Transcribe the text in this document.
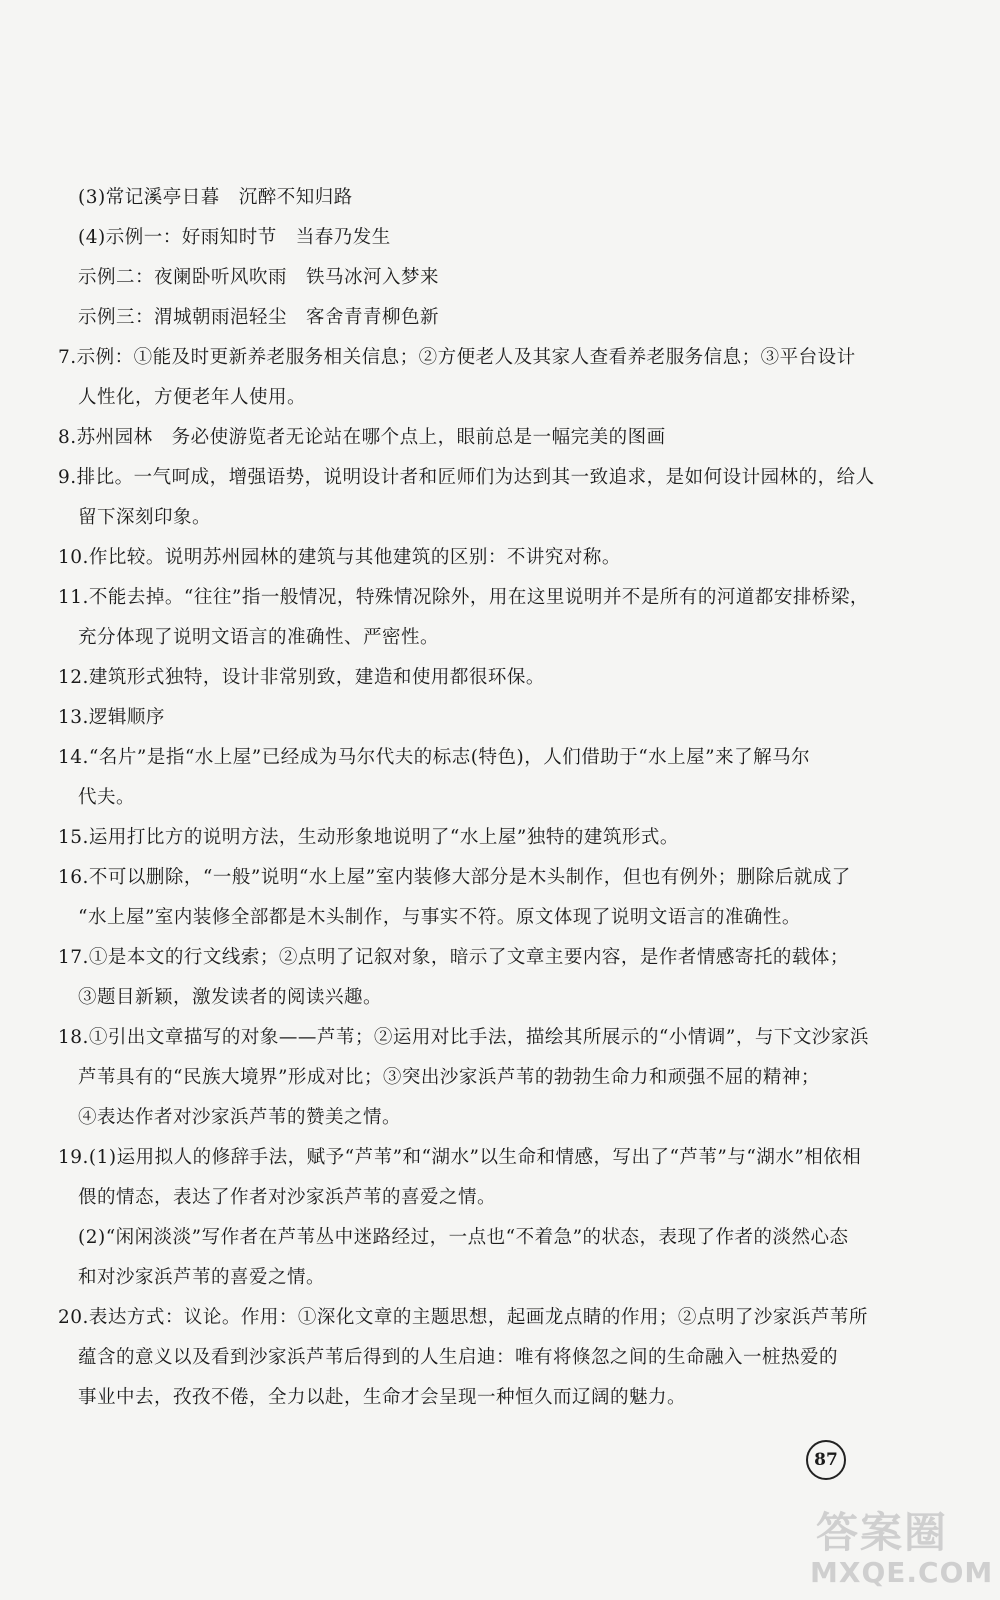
(3)常记溪亭日暮　沉醉不知归路
(4)示例一：好雨知时节　当春乃发生
示例二：夜阑卧听风吹雨　铁马冰河入梦来
示例三：渭城朝雨浥轻尘　客舍青青柳色新
7.示例：①能及时更新养老服务相关信息；②方便老人及其家人查看养老服务信息；③平台设计
人性化，方便老年人使用。
8.苏州园林　务必使游览者无论站在哪个点上，眼前总是一幅完美的图画
9.排比。一气呵成，增强语势，说明设计者和匠师们为达到其一致追求，是如何设计园林的，给人
留下深刻印象。
10.作比较。说明苏州园林的建筑与其他建筑的区别：不讲究对称。
11.不能去掉。“往往”指一般情况，特殊情况除外，用在这里说明并不是所有的河道都安排桥梁，
充分体现了说明文语言的准确性、严密性。
12.建筑形式独特，设计非常别致，建造和使用都很环保。
13.逻辑顺序
14.“名片”是指“水上屋”已经成为马尔代夫的标志(特色)，人们借助于“水上屋”来了解马尔
代夫。
15.运用打比方的说明方法，生动形象地说明了“水上屋”独特的建筑形式。
16.不可以删除，“一般”说明“水上屋”室内装修大部分是木头制作，但也有例外；删除后就成了
“水上屋”室内装修全部都是木头制作，与事实不符。原文体现了说明文语言的准确性。
17.①是本文的行文线索；②点明了记叙对象，暗示了文章主要内容，是作者情感寄托的载体；
③题目新颖，激发读者的阅读兴趣。
18.①引出文章描写的对象——芦苇；②运用对比手法，描绘其所展示的“小情调”，与下文沙家浜
芦苇具有的“民族大境界”形成对比；③突出沙家浜芦苇的勃勃生命力和顽强不屈的精神；
④表达作者对沙家浜芦苇的赞美之情。
19.(1)运用拟人的修辞手法，赋予“芦苇”和“湖水”以生命和情感，写出了“芦苇”与“湖水”相依相
偎的情态，表达了作者对沙家浜芦苇的喜爱之情。
(2)“闲闲淡淡”写作者在芦苇丛中迷路经过，一点也“不着急”的状态，表现了作者的淡然心态
和对沙家浜芦苇的喜爱之情。
20.表达方式：议论。作用：①深化文章的主题思想，起画龙点睛的作用；②点明了沙家浜芦苇所
蕴含的意义以及看到沙家浜芦苇后得到的人生启迪：唯有将倏忽之间的生命融入一桩热爱的
事业中去，孜孜不倦，全力以赴，生命才会呈现一种恒久而辽阔的魅力。
87
答案圈
MXQE.COM
